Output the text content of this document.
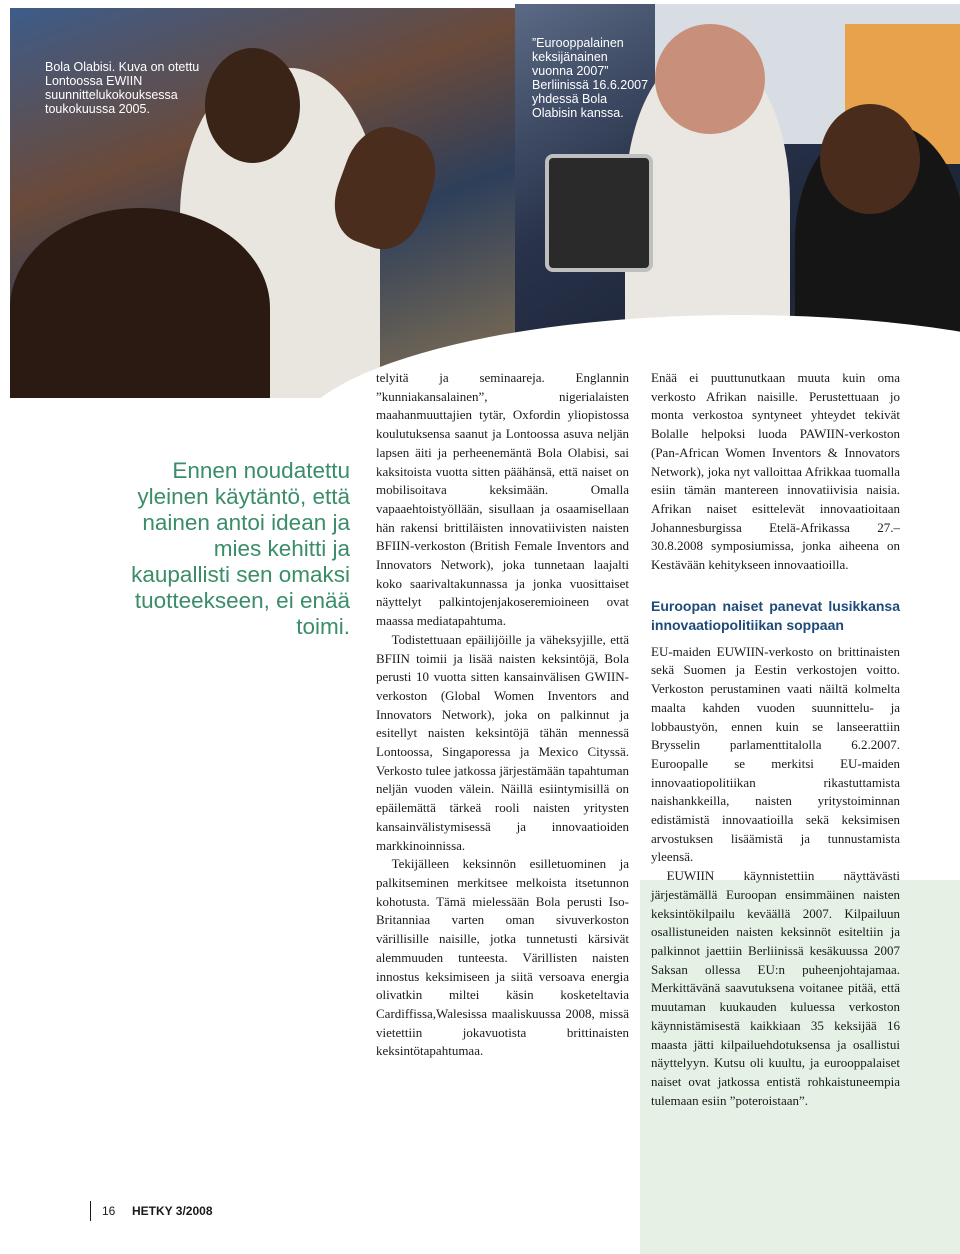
Bola Olabisi. Kuva on otettu Lontoossa EWIIN suunnittelukokouksessa toukokuussa 2005.
”Eurooppalainen keksijänainen vuonna 2007” Berliinissä 16.6.2007 yhdessä Bola Olabisin kanssa.
Ennen noudatettu yleinen käytäntö, että nainen antoi idean ja mies kehitti ja kaupallisti sen omaksi tuotteekseen, ei enää toimi.

telyitä ja seminaareja. Englannin ”kunniakansalainen”, nigerialaisten maahanmuuttajien tytär, Oxfordin yliopistossa koulutuksensa saanut ja Lontoossa asuva neljän lapsen äiti ja perheenemäntä Bola Olabisi, sai kaksitoista vuotta sitten päähänsä, että naiset on mobilisoitava keksimään. Omalla vapaaehtoistyöllään, sisullaan ja osaamisellaan hän rakensi brittiläisten innovatiivisten naisten BFIIN-verkoston (British Female Inventors and Innovators Network), joka tunnetaan laajalti koko saarivaltakunnassa ja jonka vuosittaiset näyttelyt palkintojenjakoseremioineen ovat maassa mediatapahtuma.

Todistettuaan epäilijöille ja väheksyjille, että BFIIN toimii ja lisää naisten keksintöjä, Bola perusti 10 vuotta sitten kansainvälisen GWIIN-verkoston (Global Women Inventors and Innovators Network), joka on palkinnut ja esitellyt naisten keksintöjä tähän mennessä Lontoossa, Singaporessa ja Mexico Cityssä. Verkosto tulee jatkossa järjestämään tapahtuman neljän vuoden välein. Näillä esiintymisillä on epäilemättä tärkeä rooli naisten yritysten kansainvälistymisessä ja innovaatioiden markkinoinnissa.

Tekijälleen keksinnön esilletuominen ja palkitseminen merkitsee melkoista itsetunnon kohotusta. Tämä mielessään Bola perusti Iso-Britanniaa varten oman sivuverkoston värillisille naisille, jotka tunnetusti kärsivät alemmuuden tunteesta. Värillisten naisten innostus keksimiseen ja siitä versoava energia olivatkin miltei käsin kosketeltavia Cardiffissa,Walesissa maaliskuussa 2008, missä vietettiin jokavuotista brittinaisten keksintötapahtumaa.

Enää ei puuttunutkaan muuta kuin oma verkosto Afrikan naisille. Perustettuaan jo monta verkostoa syntyneet yhteydet tekivät Bolalle helpoksi luoda PAWIIN-verkoston (Pan-African Women Inventors & Innovators Network), joka nyt valloittaa Afrikkaa tuomalla esiin tämän mantereen innovatiivisia naisia. Afrikan naiset esittelevät innovaatioitaan Johannesburgissa Etelä-Afrikassa 27.–30.8.2008 symposiumissa, jonka aiheena on Kestävään kehitykseen innovaatioilla.

Euroopan naiset panevat lusikkansa innovaatiopolitiikan soppaan

EU-maiden EUWIIN-verkosto on brittinaisten sekä Suomen ja Eestin verkostojen voitto. Verkoston perustaminen vaati näiltä kolmelta maalta kahden vuoden suunnittelu- ja lobbaustyön, ennen kuin se lanseerattiin Brysselin parlamenttitalolla 6.2.2007. Euroopalle se merkitsi EU-maiden innovaatiopolitiikan rikastuttamista naishankkeilla, naisten yritystoiminnan edistämistä innovaatioilla sekä keksimisen arvostuksen lisäämistä ja tunnustamista yleensä.

EUWIIN käynnistettiin näyttävästi järjestämällä Euroopan ensimmäinen naisten keksintökilpailu keväällä 2007. Kilpailuun osallistuneiden naisten keksinnöt esiteltiin ja palkinnot jaettiin Berliinissä kesäkuussa 2007 Saksan ollessa EU:n puheenjohtajamaa. Merkittävänä saavutuksena voitanee pitää, että muutaman kuukauden kuluessa verkoston käynnistämisestä kaikkiaan 35 keksijää 16 maasta jätti kilpailuehdotuksensa ja osallistui näyttelyyn. Kutsu oli kuultu, ja eurooppalaiset naiset ovat jatkossa entistä rohkaistuneempia tulemaan esiin ”poteroistaan”.

16 HETKY 3/2008
